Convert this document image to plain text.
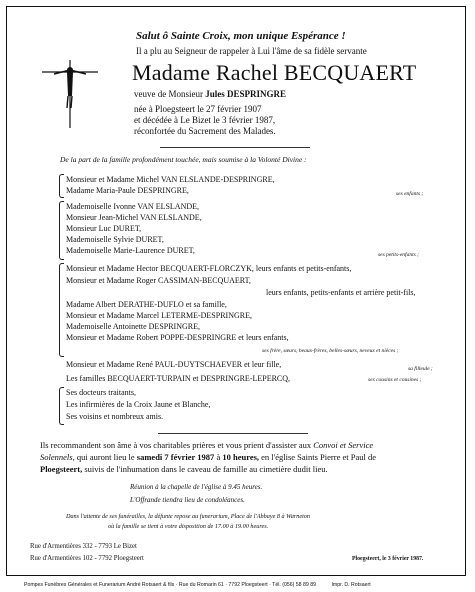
Salut ô Sainte Croix, mon unique Espérance !
Il a plu au Seigneur de rappeler à Lui l'âme de sa fidèle servante
Madame Rachel BECQUAERT
veuve de Monsieur Jules DESPRINGRE
née à Ploegsteert le 27 février 1907
et décédée à Le Bizet le 3 février 1987,
réconfortée du Sacrement des Malades.
De la part de la famille profondément touchée, mais soumise à la Volonté Divine :
Monsieur et Madame Michel VAN ELSLANDE-DESPRINGRE,
Madame Maria-Paule DESPRINGRE,	ses enfants ;
Mademoiselle Ivonne VAN ELSLANDE,
Monsieur Jean-Michel VAN ELSLANDE,
Monsieur Luc DURET,
Mademoiselle Sylvie DURET,
Mademoiselle Marie-Laurence DURET,	ses petits-enfants ;
Monsieur et Madame Hector BECQUAERT-FLORCZYK, leurs enfants et petits-enfants,
Monsieur et Madame Roger CASSIMAN-BECQUAERT,
leurs enfants, petits-enfants et arrière petit-fils,
Madame Albert DERATHE-DUFLO et sa famille,
Monsieur et Madame Marcel LETERME-DESPRINGRE,
Mademoiselle Antoinette DESPRINGRE,
Monsieur et Madame Robert POPPE-DESPRINGRE et leurs enfants,
ses frère, sœurs, beaux-frères, belles-sœurs, neveux et nièces ;
Monsieur et Madame René PAUL-DUYTSCHAEVER et leur fille,	sa filleule ;
Les familles BECQUAERT-TURPAIN et DESPRINGRE-LEPERCQ,	ses cousins et cousines ;
Ses docteurs traitants,
Les infirmières de la Croix Jaune et Blanche,
Ses voisins et nombreux amis.
Ils recommandent son âme à vos charitables prières et vous prient d'assister aux Convoi et Service
Solennels, qui auront lieu le samedi 7 février 1987 à 10 heures, en l'église Saints Pierre et Paul de
Ploegsteert, suivis de l'inhumation dans le caveau de famille au cimetière dudit lieu.
Réunion à la chapelle de l'église à 9.45 heures.
L'Offrande tiendra lieu de condoléances.
Dans l'attente de ses funérailles, la défunte repose au funerarium, Place de l'Abbaye 8 à Warneton
où la famille se tient à votre disposition de 17.00 à 19.00 heures.
Rue d'Armentières 332 - 7793 Le Bizet
Rue d'Armentières 102 - 7792 Ploegsteert	Ploegsteert, le 3 février 1987.
Pompes Funèbres Générales et Funerarium André Rotsaert & fils · Rue du Romarin 61 · 7792 Ploegsteert · Tél. (056) 58 89 89	Impr. D. Rotsaert
